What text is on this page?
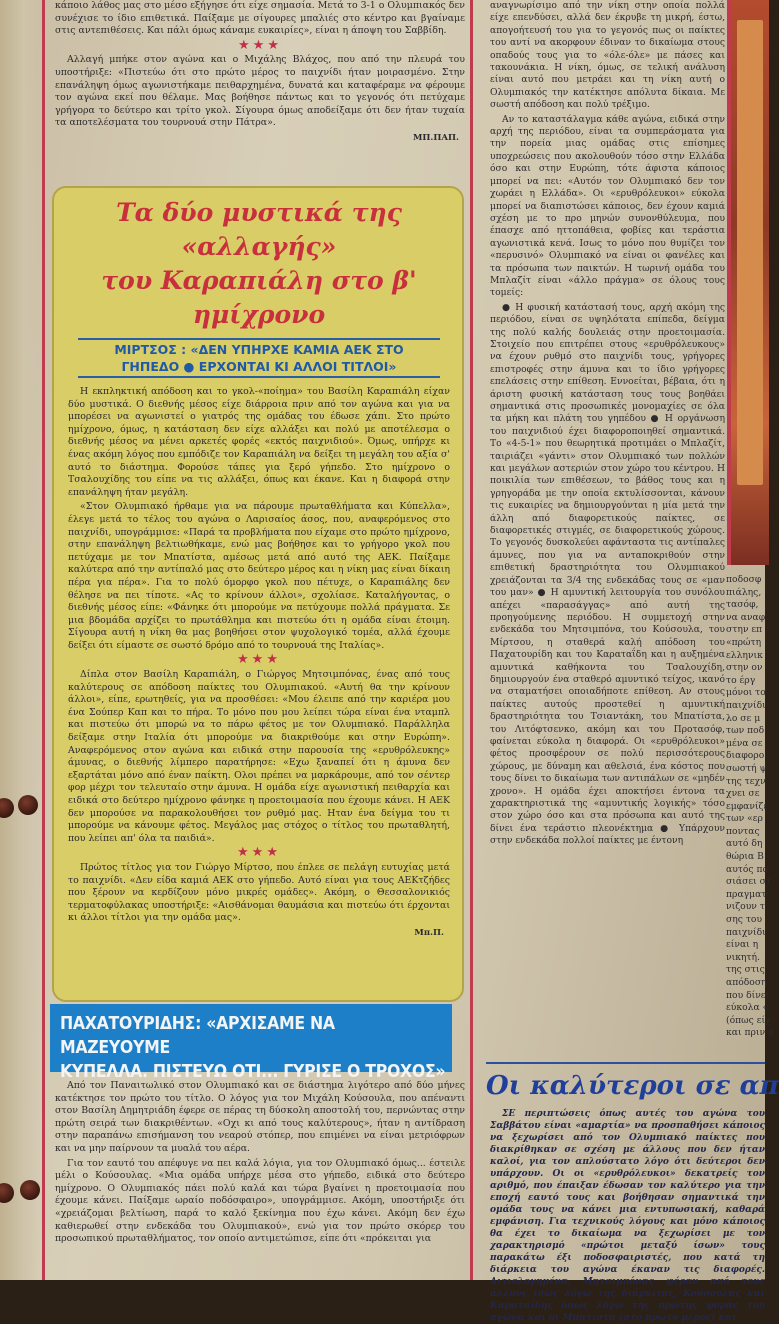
κάποιο λάθος μας στο μέσο εξήγησε ότι είχε σημασία. Μετά το 3-1 ο Ολυμπιακός δεν συνέχισε το ίδιο επιθετικά. Παίξαμε με σίγουρες μπαλιές στο κέντρο και βγαίναμε στις αντεπιθέσεις. Και πάλι όμως κάναμε ευκαιρίες», είναι η άποψη του Σαββίδη.

★★★

Αλλαγή μπήκε στον αγώνα και ο Μιχάλης Βλάχος, που από την πλευρά του υποστήριξε: «Πιστεύω ότι στο πρώτο μέρος το παιχνίδι ήταν μοιρασμένο. Στην επανάληψη όμως αγωνιστήκαμε πειθαρχημένα, δυνατά και καταφέραμε να φέρουμε τον αγώνα εκεί που θέλαμε. Μας βοήθησε πάντως και το γεγονός ότι πετύχαμε γρήγορα το δεύτερο και τρίτο γκολ. Σίγουρα όμως αποδείξαμε ότι δεν ήταν τυχαία τα αποτελέσματα του τουρνουά στην Πάτρα».

ΜΠ.ΠΑΠ.
Τα δύο μυστικά της «αλλαγής»
του Καραπιάλη στο β' ημίχρονο
ΜΙΡΤΣΟΣ : «ΔΕΝ ΥΠΗΡΧΕ ΚΑΜΙΑ ΑΕΚ ΣΤΟ
ΓΗΠΕΔΟ ● ΕΡΧΟΝΤΑΙ ΚΙ ΑΛΛΟΙ ΤΙΤΛΟΙ»

Η εκπληκτική απόδοση και το γκολ-«ποίημα» του Βασίλη Καραπιάλη είχαν δύο μυστικά. Ο διεθνής μέσος είχε διάρροια πριν από τον αγώνα και για να μπορέσει να αγωνιστεί ο γιατρός της ομάδας του έδωσε χάπι. Στο πρώτο ημίχρονο, όμως, η κατάσταση δεν είχε αλλάξει και πολύ με αποτέλεσμα ο διεθνής μέσος να μένει αρκετές φορές «εκτός παιχνιδιού». Όμως, υπήρχε κι ένας ακόμη λόγος που εμπόδιζε τον Καραπιάλη να δείξει τη μεγάλη του αξία σ' αυτό το διάστημα. Φορούσε τάπες για ξερό γήπεδο. Στο ημίχρονο ο Τσαλουχίδης του είπε να τις αλλάξει, όπως και έκανε. Και η διαφορά στην επανάληψη ήταν μεγάλη.

«Στον Ολυμπιακό ήρθαμε για να πάρουμε πρωταθλήματα και Κύπελλα», έλεγε μετά το τέλος του αγώνα ο Λαρισαίος άσος, που, αναφερόμενος στο παιχνίδι, υπογράμμισε: «Παρά τα προβλήματα που είχαμε στο πρώτο ημίχρονο, στην επανάληψη βελτιωθήκαμε, ενώ μας βοήθησε και το γρήγορο γκολ που πετύχαμε με τον Μπατίστα, αμέσως μετά από αυτό της ΑΕΚ. Παίξαμε καλύτερα από την αντίπαλό μας στο δεύτερο μέρος και η νίκη μας είναι δίκαιη πέρα για πέρα». Για το πολύ όμορφο γκολ που πέτυχε, ο Καραπιάλης δεν θέλησε να πει τίποτε. «Ας το κρίνουν άλλοι», σχολίασε. Καταλήγοντας, ο διεθνής μέσος είπε: «Φάνηκε ότι μπορούμε να πετύχουμε πολλά πράγματα. Σε μια βδομάδα αρχίζει το πρωτάθλημα και πιστεύω ότι η ομάδα είναι έτοιμη. Σίγουρα αυτή η νίκη θα μας βοηθήσει στον ψυχολογικό τομέα, αλλά έχουμε δείξει ότι είμαστε σε σωστό δρόμο από το τουρνουά της Ιταλίας».

★★★

Δίπλα στον Βασίλη Καραπιάλη, ο Γιώργος Μητσιμπόνας, ένας από τους καλύτερους σε απόδοση παίκτες του Ολυμπιακού. «Αυτή θα την κρίνουν άλλοι», είπε, ερωτηθείς, για να προσθέσει: «Μου έλειπε από την καριέρα μου ένα Σούπερ Καπ και το πήρα. Το μόνο που μου λείπει τώρα είναι ένα νταμπλ και πιστεύω ότι μπορώ να το πάρω φέτος με τον Ολυμπιακό. Παράλληλα δείξαμε στην Ιταλία ότι μπορούμε να διακριθούμε και στην Ευρώπη». Αναφερόμενος στον αγώνα και ειδικά στην παρουσία της «ερυθρόλευκης» άμυνας, ο διεθνής λίμπερο παρατήρησε: «Εχω ξαναπεί ότι η άμυνα δεν εξαρτάται μόνο από έναν παίκτη. Ολοι πρέπει να μαρκάρουμε, από τον σέντερ φορ μέχρι τον τελευταίο στην άμυνα. Η ομάδα είχε αγωνιστική πειθαρχία και ειδικά στο δεύτερο ημίχρονο φάνηκε η προετοιμασία που έχουμε κάνει. Η ΑΕΚ δεν μπορούσε να παρακολουθήσει τον ρυθμό μας. Ηταν ένα δείγμα του τι μπορούμε να κάνουμε φέτος. Μεγάλος μας στόχος ο τίτλος του πρωταθλητή, που λείπει απ' όλα τα παιδιά».

★★★

Πρώτος τίτλος για τον Γιώργο Μίρτσο, που έπλεε σε πελάγη ευτυχίας μετά το παιχνίδι. «Δεν είδα καμιά ΑΕΚ στο γήπεδο. Αυτό είναι για τους ΑΕΚτζήδες που ξέρουν να κερδίζουν μόνο μικρές ομάδες». Ακόμη, ο Θεσσαλονικιός τερματοφύλακας υποστήριξε: «Αισθάνομαι θαυμάσια και πιστεύω ότι έρχονται κι άλλοι τίτλοι για την ομάδα μας».

Μπ.Π.
ΠΑΧΑΤΟΥΡΙΔΗΣ: «ΑΡΧΙΣΑΜΕ ΝΑ ΜΑΖΕΥΟΥΜΕ
ΚΥΠΕΛΛΑ. ΠΙΣΤΕΥΩ ΟΤΙ... ΓΥΡΙΣΕ Ο ΤΡΟΧΟΣ»

Από τον Παναιτωλικό στον Ολυμπιακό και σε διάστημα λιγότερο από δύο μήνες κατέκτησε τον πρώτο του τίτλο. Ο λόγος για τον Μιχάλη Κούσουλα, που απέναντι στον Βασίλη Δημητριάδη έφερε σε πέρας τη δύσκολη αποστολή του, περνώντας στην πρώτη σειρά των διακριθέντων. «Οχι κι από τους καλύτερους», ήταν η αντίδραση στην παραπάνω επισήμανση του νεαρού στόπερ, που επιμένει να είναι μετριόφρων και να μην παίρνουν τα μυαλά του αέρα.

Για τον εαυτό του απέφυγε να πει καλά λόγια, για τον Ολυμπιακό όμως... έστειλε μέλι ο Κούσουλας. «Μια ομάδα υπήρχε μέσα στο γήπεδο, ειδικά στο δεύτερο ημίχρονο. Ο Ολυμπιακός πάει πολύ καλά και τώρα βγαίνει η προετοιμασία που έχουμε κάνει. Παίξαμε ωραίο ποδόσφαιρο», υπογράμμισε. Ακόμη, υποστήριξε ότι «χρειάζομαι βελτίωση, παρά το καλό ξεκίνημα που έχω κάνει. Ακόμη δεν έχω καθιερωθεί στην ενδεκάδα του Ολυμπιακού», ενώ για τον πρώτο σκόρερ του προσωπικού πρωταθλήματος, τον οποίο αντιμετώπισε, είπε ότι «πρόκειται για

αναγνωρίσιμο από την νίκη στην οποία πολλά είχε επενδύσει, αλλά δεν έκρυβε τη μικρή, έστω, απογοήτευσή του για το γεγονός πως οι παίκτες του αντί να ακορφουν έδιναν το δικαίωμα στους οπαδούς τους για το «όλε-όλε» με πάσες και τακουνάκια. Η νίκη, όμως, σε τελική ανάλυση είναι αυτό που μετράει και τη νίκη αυτή ο Ολυμπιακός την κατέκτησε απόλυτα δίκαια. Με σωστή απόδοση και πολύ τρέξιμο.

Αν το καταστάλαγμα κάθε αγώνα, ειδικά στην αρχή της περιόδου, είναι τα συμπεράσματα για την πορεία μιας ομάδας στις επίσημες υποχρεώσεις που ακολουθούν τόσο στην Ελλάδα όσο και στην Ευρώπη, τότε άφιστα κάποιος μπορεί να πει: «Αυτόν τον Ολυμπιακό δεν τον χωράει η Ελλάδα». Οι «ερυθρόλευκοι» εύκολα μπορεί να διαπιστώσει κάποιος, δεν έχουν καμιά σχέση με το προ μηνών συνονθύλευμα, που έπασχε από ηττοπάθεια, φοβίες και τεράστια αγωνιστικά κενά. Ισως το μόνο που θυμίζει τον «περυσινό» Ολυμπιακό να είναι οι φανέλες και τα πρόσωπα των παικτών. Η τωρινή ομάδα του Μπλαζίτ είναι «άλλο πράγμα» σε όλους τους τομείς:

● Η φυσική κατάστασή τους, αρχή ακόμη της περιόδου, είναι σε υψηλότατα επίπεδα, δείγμα της πολύ καλής δουλειάς στην προετοιμασία. Στοιχείο που επιτρέπει στους «ερυθρόλευκους» να έχουν ρυθμό στο παιχνίδι τους, γρήγορες επιστροφές στην άμυνα και το ίδιο γρήγορες επελάσεις στην επίθεση. Εννοείται, βέβαια, ότι η άριστη φυσική κατάσταση τους τους βοηθάει σημαντικά στις προσωπικές μονομαχίες σε όλα τα μήκη και πλάτη του γηπέδου ● Η οργάνωση του παιχνιδιού έχει διαφοροποιηθεί σημαντικά. Το «4-5-1» που θεωρητικά προτιμάει ο Μπλαζίτ, ταιριάζει «γάντι» στον Ολυμπιακό των πολλών και μεγάλων αστεριών στον χώρο του κέντρου. Η ποικιλία των επιθέσεων, το βάθος τους και η γρηγοράδα με την οποία εκτυλίσσονται, κάνουν τις ευκαιρίες να δημιουργούνται η μία μετά την άλλη από διαφορετικούς παίκτες, σε διαφορετικές στιγμές, σε διαφορετικούς χώρους. Το γεγονός δυσκολεύει αφάνταστα τις αντίπαλες άμυνες, που για να ανταποκριθούν στην επιθετική δραστηριότητα του Ολυμπιακού χρειάζονται τα 3/4 της ενδεκάδας τους σε «μαν του μαν» ● Η αμυντική λειτουργία του συνόλου απέχει «παρασάγγας» από αυτή της προηγούμενης περιόδου. Η συμμετοχή στην ενδεκάδα του Μητσιμπόνα, του Κούσουλα, του Μίρτσου, η σταθερά καλή απόδοση του Παχατουρίδη και του Καραταΐδη και η αυξημένα αμυντικά καθήκοντα του Τσαλουχίδη, δημιουργούν ένα σταθερό αμυντικό τείχος, ικανό να σταματήσει οποιαδήποτε επίθεση. Αν στους παίκτες αυτούς προστεθεί η αμυντική δραστηριότητα του Τσιαντάκη, του Μπατίστα, του Λιτόφτσενκο, ακόμη και του Προτασόφ, φαίνεται εύκολα η διαφορά. Οι «ερυθρόλευκοι» φέτος προσφέρουν σε πολύ περισσότερους χώρους, με δύναμη και αθελσιά, ένα κόστος που τους δίνει το δικαίωμα των αντιπάλων σε «μηδέν χρονο». Η ομάδα έχει αποκτήσει έντονα τα χαρακτηριστικά της «αμυντικής λογικής» τόσο στον χώρο όσο και στα πρόσωπα και αυτό της δίνει ένα τεράστιο πλεονέκτημα ● Υπάρχουν στην ενδεκάδα πολλοί παίκτες με έντονη

ποδοσφ
πιάλης,
τασόφ,
να αναφ
στην επ
«πρώτη
ελληνικ
στην ον
το έργ
μόνοι το
παιχνίδι
λο σε μ
των ποδ
μένα σε
διαφορο
σωστή ψ
της τεχν
χνει σε
εμφανίζε
των «ερ
ποντας
αυτό δη
θώρια Β
αυτός πο
σιάσει στ
πραγματι
νιζουν τ
σης του
παιχνίδι
είναι η
νικητή.
της στις
απόδοση
που δίνει
εύκολα «
(όπως είχ
και πριν α
Οι καλύτεροι σε απ

ΣΕ περιπτώσεις όπως αυτές του αγώνα του Σαββάτου είναι «αμαρτία» να προσπαθήσει κάποιος να ξεχωρίσει από τον Ολυμπιακό παίκτες που διακρίθηκαν σε σχέση με άλλους που δεν ήταν καλοί, για τον απλούστατο λόγο ότι δεύτεροι δεν υπάρχουν. Οι οι «ερυθρόλευκοι» δεκατρείς τον αριθμό, που έπαιξαν έδωσαν τον καλύτερο για την εποχή εαυτό τους και βοήθησαν σημαντικά την ομάδα τους να κάνει μια εντυπωσιακή, καθαρά εμφάνιση. Για τεχνικούς λόγους και μόνο κάποιος θα έχει το δικαίωμα να ξεχωρίσει με τον χαρακτηρισμό «πρώτοι μεταξύ ίσων» τους παρακάτω έξι ποδοσφαιριστές, που κατά τη διάρκεια του αγώνα έκαναν τις διαφορές. Αιτιολογημένα, Μητσιμπόνας φέραν από τους άλλους ίσως λόγω της διάρκειας, Κούσουλας και Καραταΐδης όπως λόγω της πρώτης φοράς του αγώνα και οι Μπατίστα (στο πρώτο μέρος) και
